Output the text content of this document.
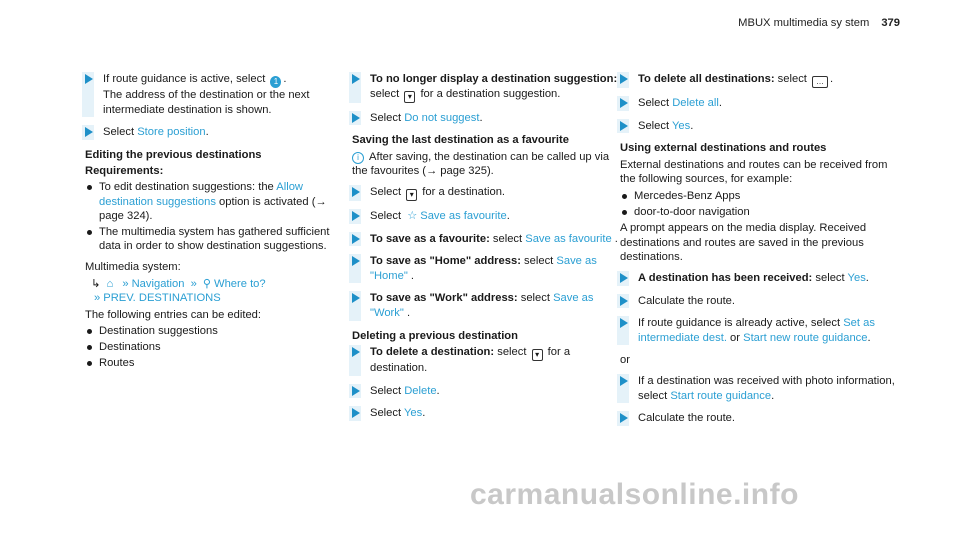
MBUX multimedia sy stem 379
If route guidance is active, select 1 .
The address of the destination or the next intermediate destination is shown.
Select Store position.
Editing the previous destinations
Requirements:
To edit destination suggestions: the Allow destination suggestions option is activated (→ page 324).
The multimedia system has gathered sufficient data in order to show destination suggestions.
Multimedia system:
↳ ⌂ » Navigation » ⚲ Where to?
» PREV. DESTINATIONS
The following entries can be edited:
Destination suggestions
Destinations
Routes
To no longer display a destination suggestion: select ▾ for a destination suggestion.
Select Do not suggest.
Saving the last destination as a favourite
i After saving, the destination can be called up via the favourites (→ page 325).
Select ▾ for a destination.
Select ☆ Save as favourite.
To save as a favourite: select Save as favourite .
To save as "Home" address: select Save as "Home" .
To save as "Work" address: select Save as "Work" .
Deleting a previous destination
To delete a destination: select ▾ for a destination.
Select Delete.
Select Yes.
To delete all destinations: select … .
Select Delete all.
Select Yes.
Using external destinations and routes
External destinations and routes can be received from the following sources, for example:
Mercedes-Benz Apps
door-to-door navigation
A prompt appears on the media display. Received destinations and routes are saved in the previous destinations.
A destination has been received: select Yes.
Calculate the route.
If route guidance is already active, select Set as intermediate dest. or Start new route guidance.
or
If a destination was received with photo information, select Start route guidance.
Calculate the route.
carmanualsonline.info
